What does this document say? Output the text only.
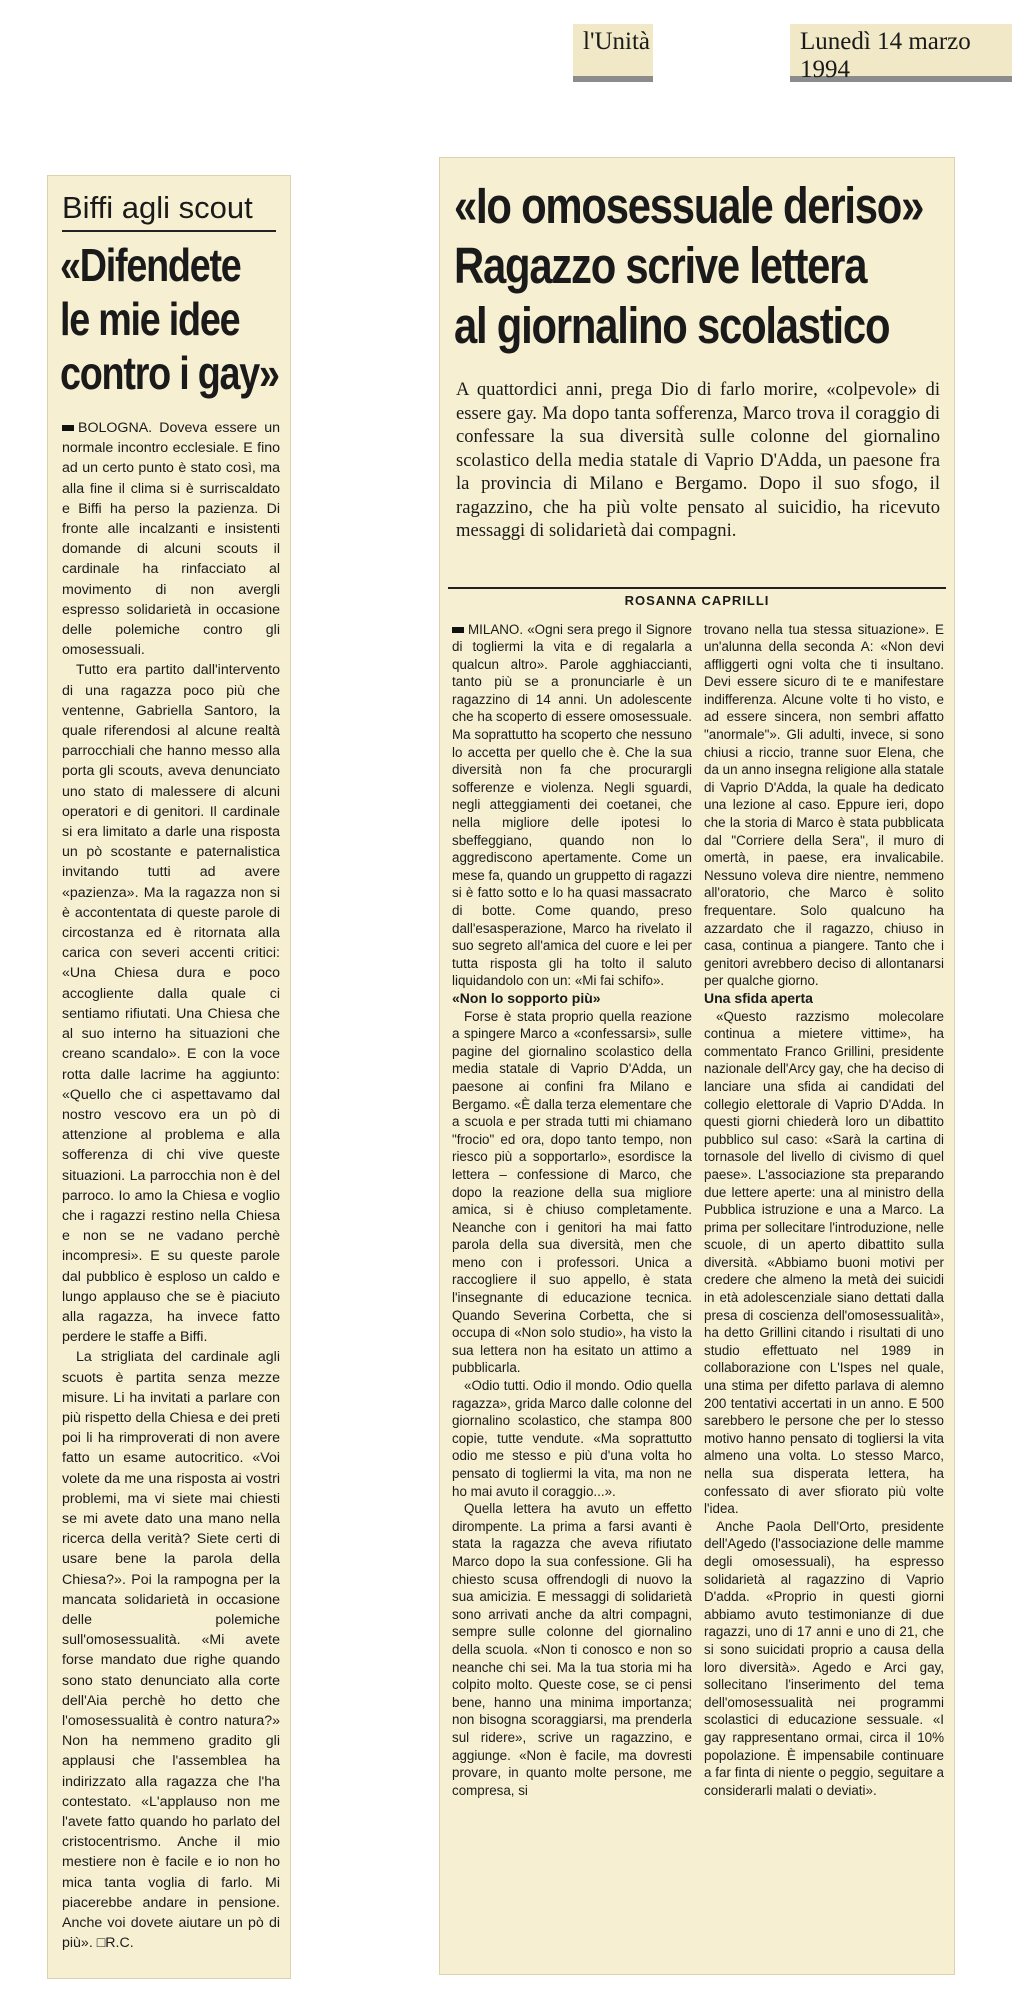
l'Unità	Lunedì 14 marzo 1994
Biffi agli scout
«Difendete
le mie idee
contro i gay»

BOLOGNA. Doveva essere un normale incontro ecclesiale. E fino ad un certo punto è stato così, ma alla fine il clima si è surriscaldato e Biffi ha perso la pazienza. Di fronte alle incalzanti e insistenti domande di alcuni scouts il cardinale ha rinfacciato al movimento di non avergli espresso solidarietà in occasione delle polemiche contro gli omosessuali.

Tutto era partito dall'intervento di una ragazza poco più che ventenne, Gabriella Santoro, la quale riferendosi al alcune realtà parrocchiali che hanno messo alla porta gli scouts, aveva denunciato uno stato di malessere di alcuni operatori e di genitori. Il cardinale si era limitato a darle una risposta un pò scostante e paternalistica invitando tutti ad avere «pazienza». Ma la ragazza non si è accontentata di queste parole di circostanza ed è ritornata alla carica con severi accenti critici: «Una Chiesa dura e poco accogliente dalla quale ci sentiamo rifiutati. Una Chiesa che al suo interno ha situazioni che creano scandalo». E con la voce rotta dalle lacrime ha aggiunto: «Quello che ci aspettavamo dal nostro vescovo era un pò di attenzione al problema e alla sofferenza di chi vive queste situazioni. La parrocchia non è del parroco. Io amo la Chiesa e voglio che i ragazzi restino nella Chiesa e non se ne vadano perchè incompresi». E su queste parole dal pubblico è esploso un caldo e lungo applauso che se è piaciuto alla ragazza, ha invece fatto perdere le staffe a Biffi.

La strigliata del cardinale agli scuots è partita senza mezze misure. Li ha invitati a parlare con più rispetto della Chiesa e dei preti poi li ha rimproverati di non avere fatto un esame autocritico. «Voi volete da me una risposta ai vostri problemi, ma vi siete mai chiesti se mi avete dato una mano nella ricerca della verità? Siete certi di usare bene la parola della Chiesa?». Poi la rampogna per la mancata solidarietà in occasione delle polemiche sull'omosessualità. «Mi avete forse mandato due righe quando sono stato denunciato alla corte dell'Aia perchè ho detto che l'omosessualità è contro natura?» Non ha nemmeno gradito gli applausi che l'assemblea ha indirizzato alla ragazza che l'ha contestato. «L'applauso non me l'avete fatto quando ho parlato del cristocentrismo. Anche il mio mestiere non è facile e io non ho mica tanta voglia di farlo. Mi piacerebbe andare in pensione. Anche voi dovete aiutare un pò di più». □R.C.

«Io omosessuale deriso»
Ragazzo scrive lettera
al giornalino scolastico
A quattordici anni, prega Dio di farlo morire, «colpevole» di essere gay. Ma dopo tanta sofferenza, Marco trova il coraggio di confessare la sua diversità sulle colonne del giornalino scolastico della media statale di Vaprio D'Adda, un paesone fra la provincia di Milano e Bergamo. Dopo il suo sfogo, il ragazzino, che ha più volte pensato al suicidio, ha ricevuto messaggi di solidarietà dai compagni.
ROSANNA CAPRILLI

MILANO. «Ogni sera prego il Signore di togliermi la vita e di regalarla a qualcun altro». Parole agghiaccianti, tanto più se a pronunciarle è un ragazzino di 14 anni. Un adolescente che ha scoperto di essere omosessuale. Ma soprattutto ha scoperto che nessuno lo accetta per quello che è. Che la sua diversità non fa che procurargli sofferenze e violenza. Negli sguardi, negli atteggiamenti dei coetanei, che nella migliore delle ipotesi lo sbeffeggiano, quando non lo aggrediscono apertamente. Come un mese fa, quando un gruppetto di ragazzi si è fatto sotto e lo ha quasi massacrato di botte. Come quando, preso dall'esasperazione, Marco ha rivelato il suo segreto all'amica del cuore e lei per tutta risposta gli ha tolto il saluto liquidandolo con un: «Mi fai schifo».

«Non lo sopporto più»

Forse è stata proprio quella reazione a spingere Marco a «confessarsi», sulle pagine del giornalino scolastico della media statale di Vaprio D'Adda, un paesone ai confini fra Milano e Bergamo. «È dalla terza elementare che a scuola e per strada tutti mi chiamano "frocio" ed ora, dopo tanto tempo, non riesco più a sopportarlo», esordisce la lettera – confessione di Marco, che dopo la reazione della sua migliore amica, si è chiuso completamente. Neanche con i genitori ha mai fatto parola della sua diversità, men che meno con i professori. Unica a raccogliere il suo appello, è stata l'insegnante di educazione tecnica. Quando Severina Corbetta, che si occupa di «Non solo studio», ha visto la sua lettera non ha esitato un attimo a pubblicarla.

«Odio tutti. Odio il mondo. Odio quella ragazza», grida Marco dalle colonne del giornalino scolastico, che stampa 800 copie, tutte vendute. «Ma soprattutto odio me stesso e più d'una volta ho pensato di togliermi la vita, ma non ne ho mai avuto il coraggio...».

Quella lettera ha avuto un effetto dirompente. La prima a farsi avanti è stata la ragazza che aveva rifiutato Marco dopo la sua confessione. Gli ha chiesto scusa offrendogli di nuovo la sua amicizia. E messaggi di solidarietà sono arrivati anche da altri compagni, sempre sulle colonne del giornalino della scuola. «Non ti conosco e non so neanche chi sei. Ma la tua storia mi ha colpito molto. Queste cose, se ci pensi bene, hanno una minima importanza; non bisogna scoraggiarsi, ma prenderla sul ridere», scrive un ragazzino, e aggiunge. «Non è facile, ma dovresti provare, in quanto molte persone, me compresa, si

trovano nella tua stessa situazione». E un'alunna della seconda A: «Non devi affliggerti ogni volta che ti insultano. Devi essere sicuro di te e manifestare indifferenza. Alcune volte ti ho visto, e ad essere sincera, non sembri affatto "anormale"». Gli adulti, invece, si sono chiusi a riccio, tranne suor Elena, che da un anno insegna religione alla statale di Vaprio D'Adda, la quale ha dedicato una lezione al caso. Eppure ieri, dopo che la storia di Marco è stata pubblicata dal "Corriere della Sera", il muro di omertà, in paese, era invalicabile. Nessuno voleva dire nientre, nemmeno all'oratorio, che Marco è solito frequentare. Solo qualcuno ha azzardato che il ragazzo, chiuso in casa, continua a piangere. Tanto che i genitori avrebbero deciso di allontanarsi per qualche giorno.

Una sfida aperta

«Questo razzismo molecolare continua a mietere vittime», ha commentato Franco Grillini, presidente nazionale dell'Arcy gay, che ha deciso di lanciare una sfida ai candidati del collegio elettorale di Vaprio D'Adda. In questi giorni chiederà loro un dibattito pubblico sul caso: «Sarà la cartina di tornasole del livello di civismo di quel paese». L'associazione sta preparando due lettere aperte: una al ministro della Pubblica istruzione e una a Marco. La prima per sollecitare l'introduzione, nelle scuole, di un aperto dibattito sulla diversità. «Abbiamo buoni motivi per credere che almeno la metà dei suicidi in età adolescenziale siano dettati dalla presa di coscienza dell'omosessualità», ha detto Grillini citando i risultati di uno studio effettuato nel 1989 in collaborazione con L'Ispes nel quale, una stima per difetto parlava di alemno 200 tentativi accertati in un anno. E 500 sarebbero le persone che per lo stesso motivo hanno pensato di togliersi la vita almeno una volta. Lo stesso Marco, nella sua disperata lettera, ha confessato di aver sfiorato più volte l'idea.

Anche Paola Dell'Orto, presidente dell'Agedo (l'associazione delle mamme degli omosessuali), ha espresso solidarietà al ragazzino di Vaprio D'adda. «Proprio in questi giorni abbiamo avuto testimonianze di due ragazzi, uno di 17 anni e uno di 21, che si sono suicidati proprio a causa della loro diversità». Agedo e Arci gay, sollecitano l'inserimento del tema dell'omosessualità nei programmi scolastici di educazione sessuale. «I gay rappresentano ormai, circa il 10% popolazione. È impensabile continuare a far finta di niente o peggio, seguitare a considerarli malati o deviati».
